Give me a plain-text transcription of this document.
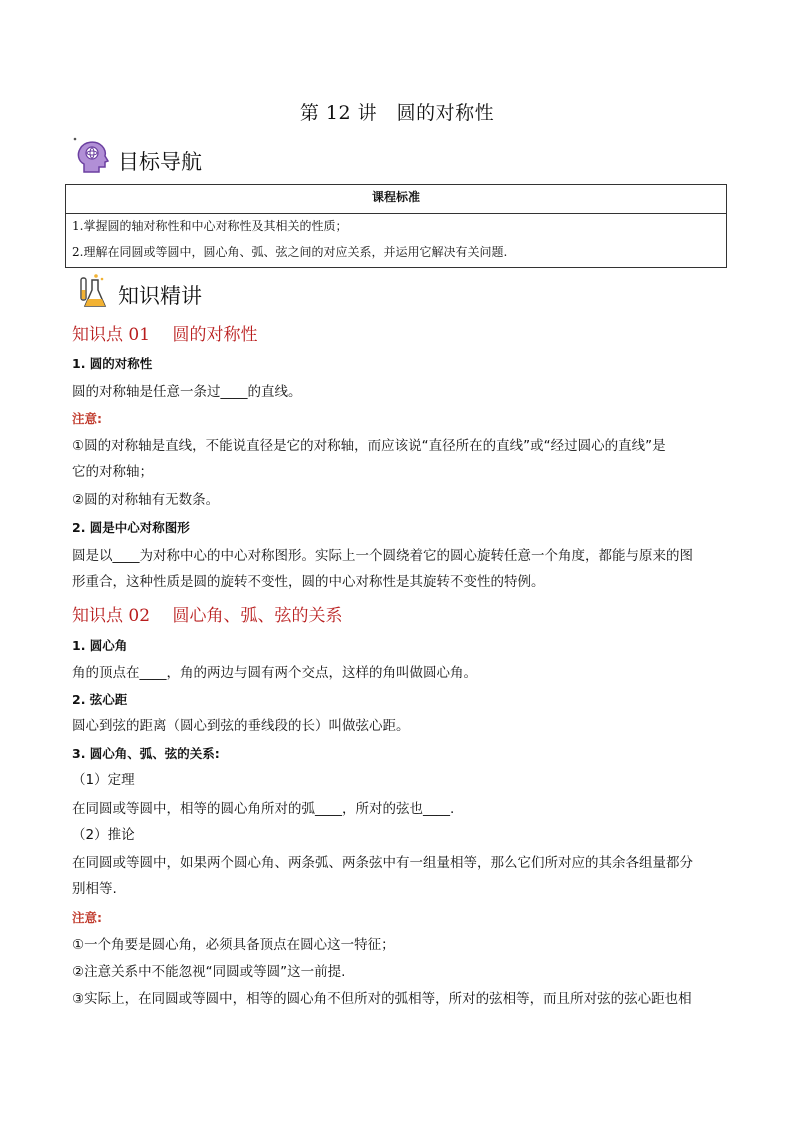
第 12 讲　圆的对称性
目标导航
课程标准
1.掌握圆的轴对称性和中心对称性及其相关的性质；
2.理解在同圆或等圆中，圆心角、弧、弦之间的对应关系，并运用它解决有关问题.
知识精讲
知识点 01　 圆的对称性
1. 圆的对称性
圆的对称轴是任意一条过____的直线。
注意:
①圆的对称轴是直线，不能说直径是它的对称轴，而应该说“直径所在的直线”或“经过圆心的直线”是
它的对称轴；
②圆的对称轴有无数条。
2. 圆是中心对称图形
圆是以____为对称中心的中心对称图形。实际上一个圆绕着它的圆心旋转任意一个角度，都能与原来的图
形重合，这种性质是圆的旋转不变性，圆的中心对称性是其旋转不变性的特例。
知识点 02　 圆心角、弧、弦的关系
1. 圆心角
角的顶点在____，角的两边与圆有两个交点，这样的角叫做圆心角。
2. 弦心距
圆心到弦的距离（圆心到弦的垂线段的长）叫做弦心距。
3. 圆心角、弧、弦的关系:
（1）定理
在同圆或等圆中，相等的圆心角所对的弧____，所对的弦也____.
（2）推论
在同圆或等圆中，如果两个圆心角、两条弧、两条弦中有一组量相等，那么它们所对应的其余各组量都分
别相等.
注意:
①一个角要是圆心角，必须具备顶点在圆心这一特征；
②注意关系中不能忽视“同圆或等圆”这一前提.
③实际上，在同圆或等圆中，相等的圆心角不但所对的弧相等，所对的弦相等，而且所对弦的弦心距也相
